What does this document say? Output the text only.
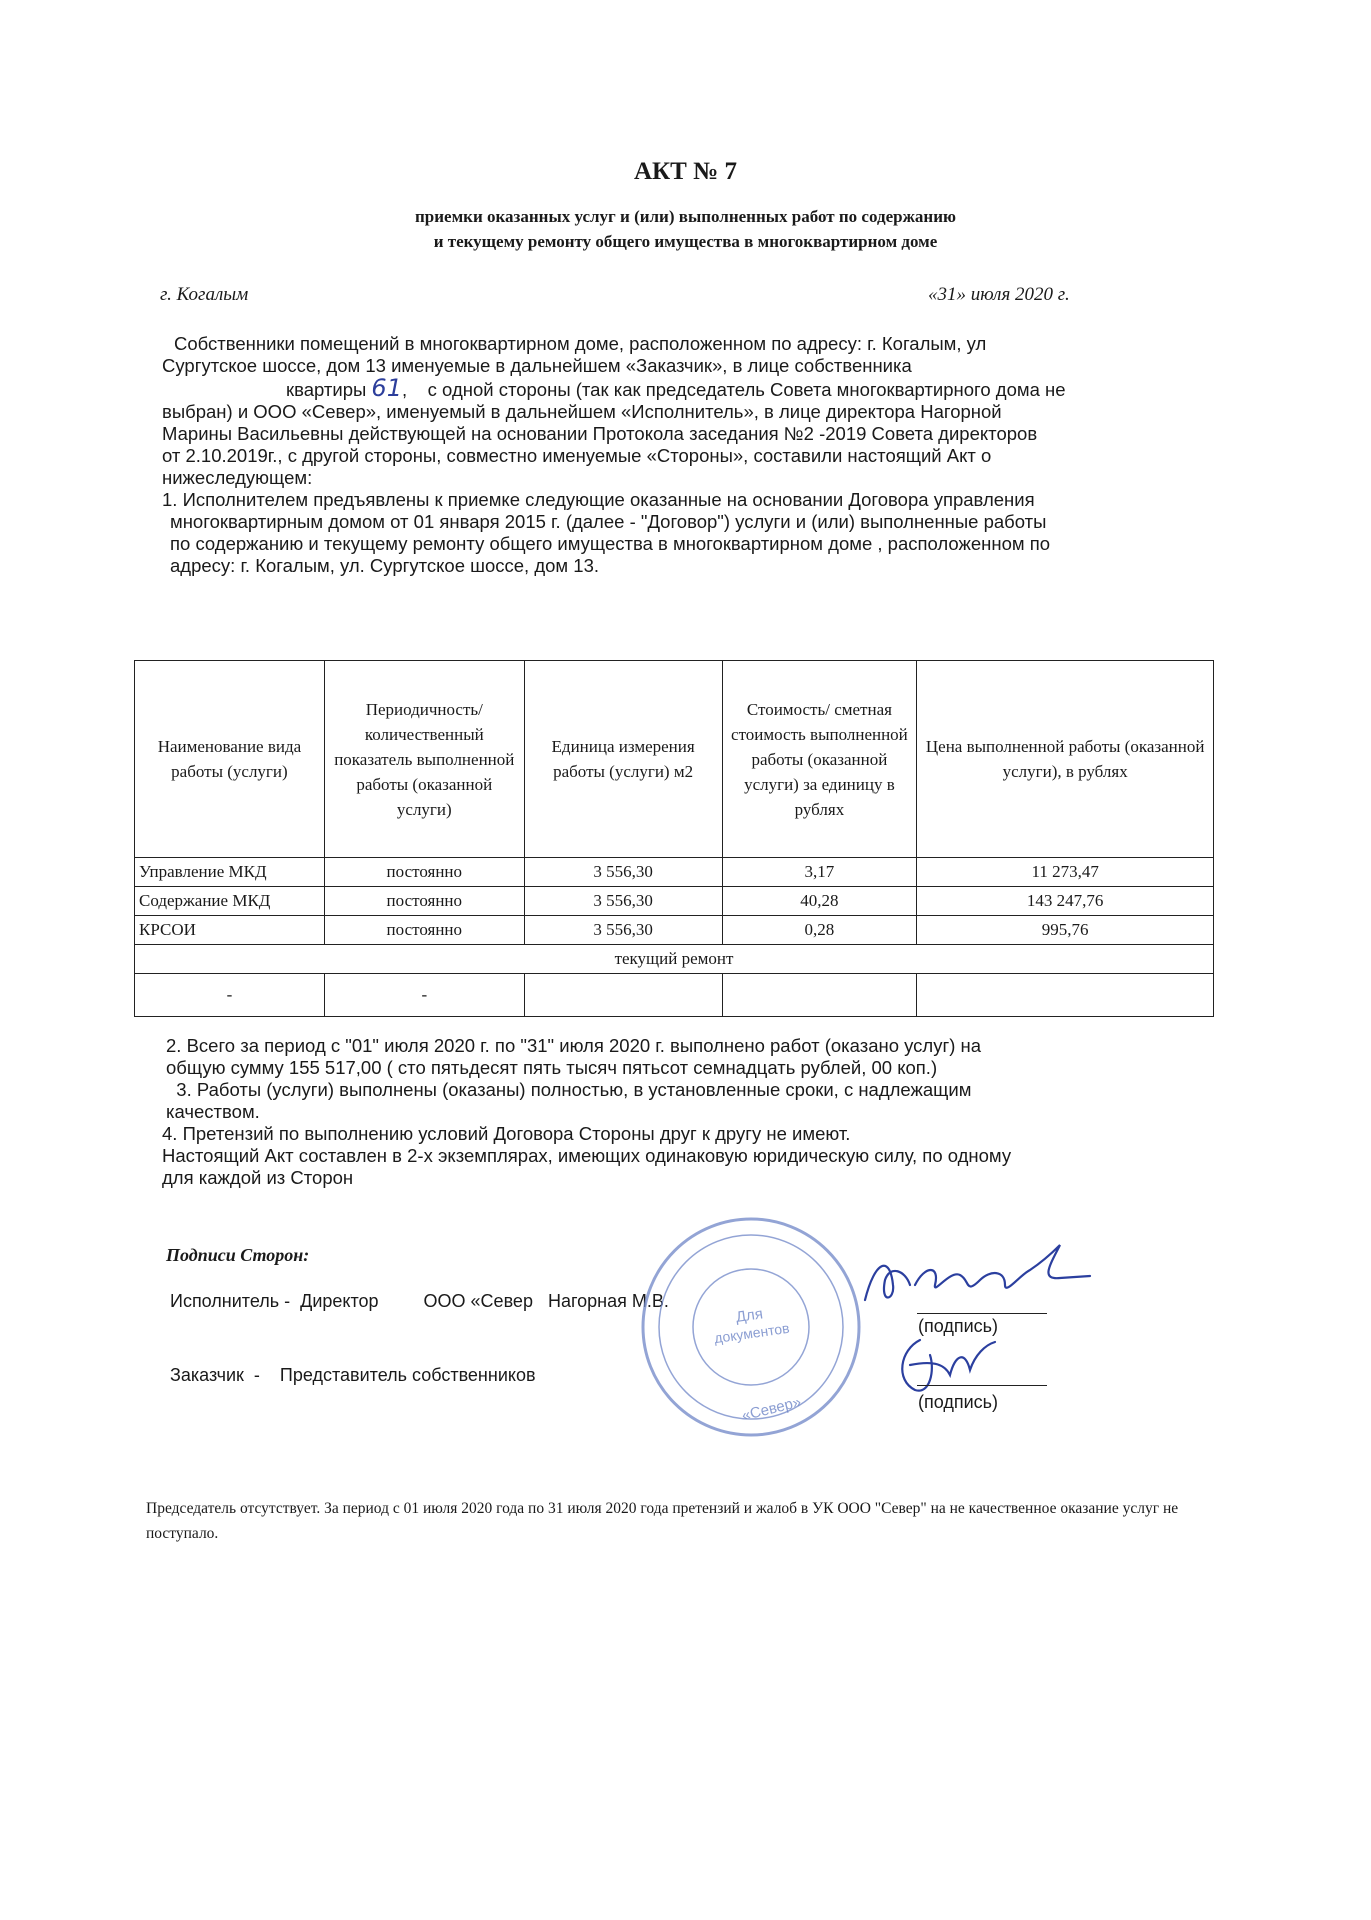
АКТ № 7
приемки оказанных услуг и (или) выполненных работ по содержанию
и текущему ремонту общего имущества в многоквартирном доме
г. Когалым	«31» июля 2020 г.
Собственники помещений в многоквартирном доме, расположенном по адресу: г. Когалым, ул
Сургутское шоссе, дом 13 именуемые в дальнейшем «Заказчик», в лице собственника
квартиры 61,    с одной стороны (так как председатель Совета многоквартирного дома не
выбран) и ООО «Север», именуемый в дальнейшем «Исполнитель», в лице директора Нагорной
Марины Васильевны действующей на основании Протокола заседания №2 -2019 Совета директоров
от 2.10.2019г., с другой стороны, совместно именуемые «Стороны», составили настоящий Акт о
нижеследующем:
1. Исполнителем предъявлены к приемке следующие оказанные на основании Договора управления
многоквартирным домом от 01 января 2015 г. (далее - "Договор") услуги и (или) выполненные работы
по содержанию и текущему ремонту общего имущества в многоквартирном доме , расположенном по
адресу: г. Когалым, ул. Сургутское шоссе, дом 13.
Наименование вида работы (услуги)	Периодичность/ количественный показатель выполненной работы (оказанной услуги)	Единица измерения работы (услуги) м2	Стоимость/ сметная стоимость выполненной работы (оказанной услуги) за единицу в рублях	Цена выполненной работы (оказанной услуги), в рублях
Управление МКД	постоянно	3 556,30	3,17	11 273,47
Содержание МКД	постоянно	3 556,30	40,28	143 247,76
КРСОИ	постоянно	3 556,30	0,28	995,76
текущий ремонт				
-	-			
2. Всего за период с "01" июля 2020 г. по "31" июля 2020 г. выполнено работ (оказано услуг) на
общую сумму 155 517,00 ( сто пятьдесят пять тысяч пятьсот семнадцать рублей, 00 коп.)
3. Работы (услуги) выполнены (оказаны) полностью, в установленные сроки, с надлежащим
качеством.
4. Претензий по выполнению условий Договора Стороны друг к другу не имеют.
Настоящий Акт составлен в 2-х экземплярах, имеющих одинаковую юридическую силу, по одному
для каждой из Сторон
Подписи Сторон:
Исполнитель -  Директор         ООО «Север   Нагорная М.В.
Заказчик  -    Представитель собственников
Для
документов
«Север»
(подпись)
(подпись)
Председатель отсутствует. За период с 01 июля 2020 года по 31 июля 2020 года претензий и жалоб в УК ООО "Север" на не качественное оказание услуг не поступало.
